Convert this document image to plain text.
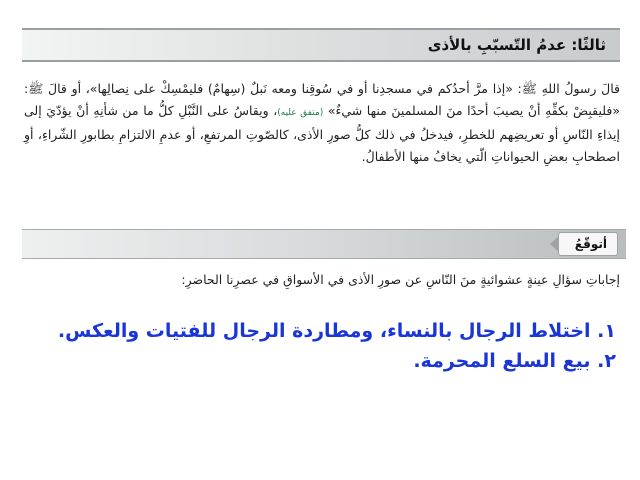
ثالثًا: عدمُ التّسبّبِ بالأذى
قالَ رسولُ اللهِ ﷺ: «إذا مرَّ أحدُكم في مسجدِنا أو في سُوقِنا ومعه نَبلٌ (سِهامٌ) فليمْسِكْ على نِصالِها»، أو قالَ ﷺ: «فليقبِضْ بكفِّهِ أنْ يصيبَ أحدًا منَ المسلمينَ منها شيءٌ» (متفق عليه)، ويقاسُ على النَّبْلِ كلُّ ما من شأنِهِ أنْ يؤدّيَ إلى إيذاءِ النّاسِ أو تعريضِهم للخطرِ، فيدخلُ في ذلك كلُّ صورِ الأذى، كالصّوتِ المرتفعِ، أو عدمِ الالتزامِ بطابورِ الشّراءِ، أوِ اصطحابِ بعضِ الحيواناتِ الّتي يخافُ منها الأطفالُ.
أتوقّعُ
إجاباتِ سؤالِ عينةٍ عشوائيةٍ منَ النّاسِ عن صورِ الأذى في الأسواقِ في عصرِنا الحاضرِ:
١. اختلاط الرجال بالنساء، ومطاردة الرجال للفتيات والعكس.
٢. بيع السلع المحرمة.
